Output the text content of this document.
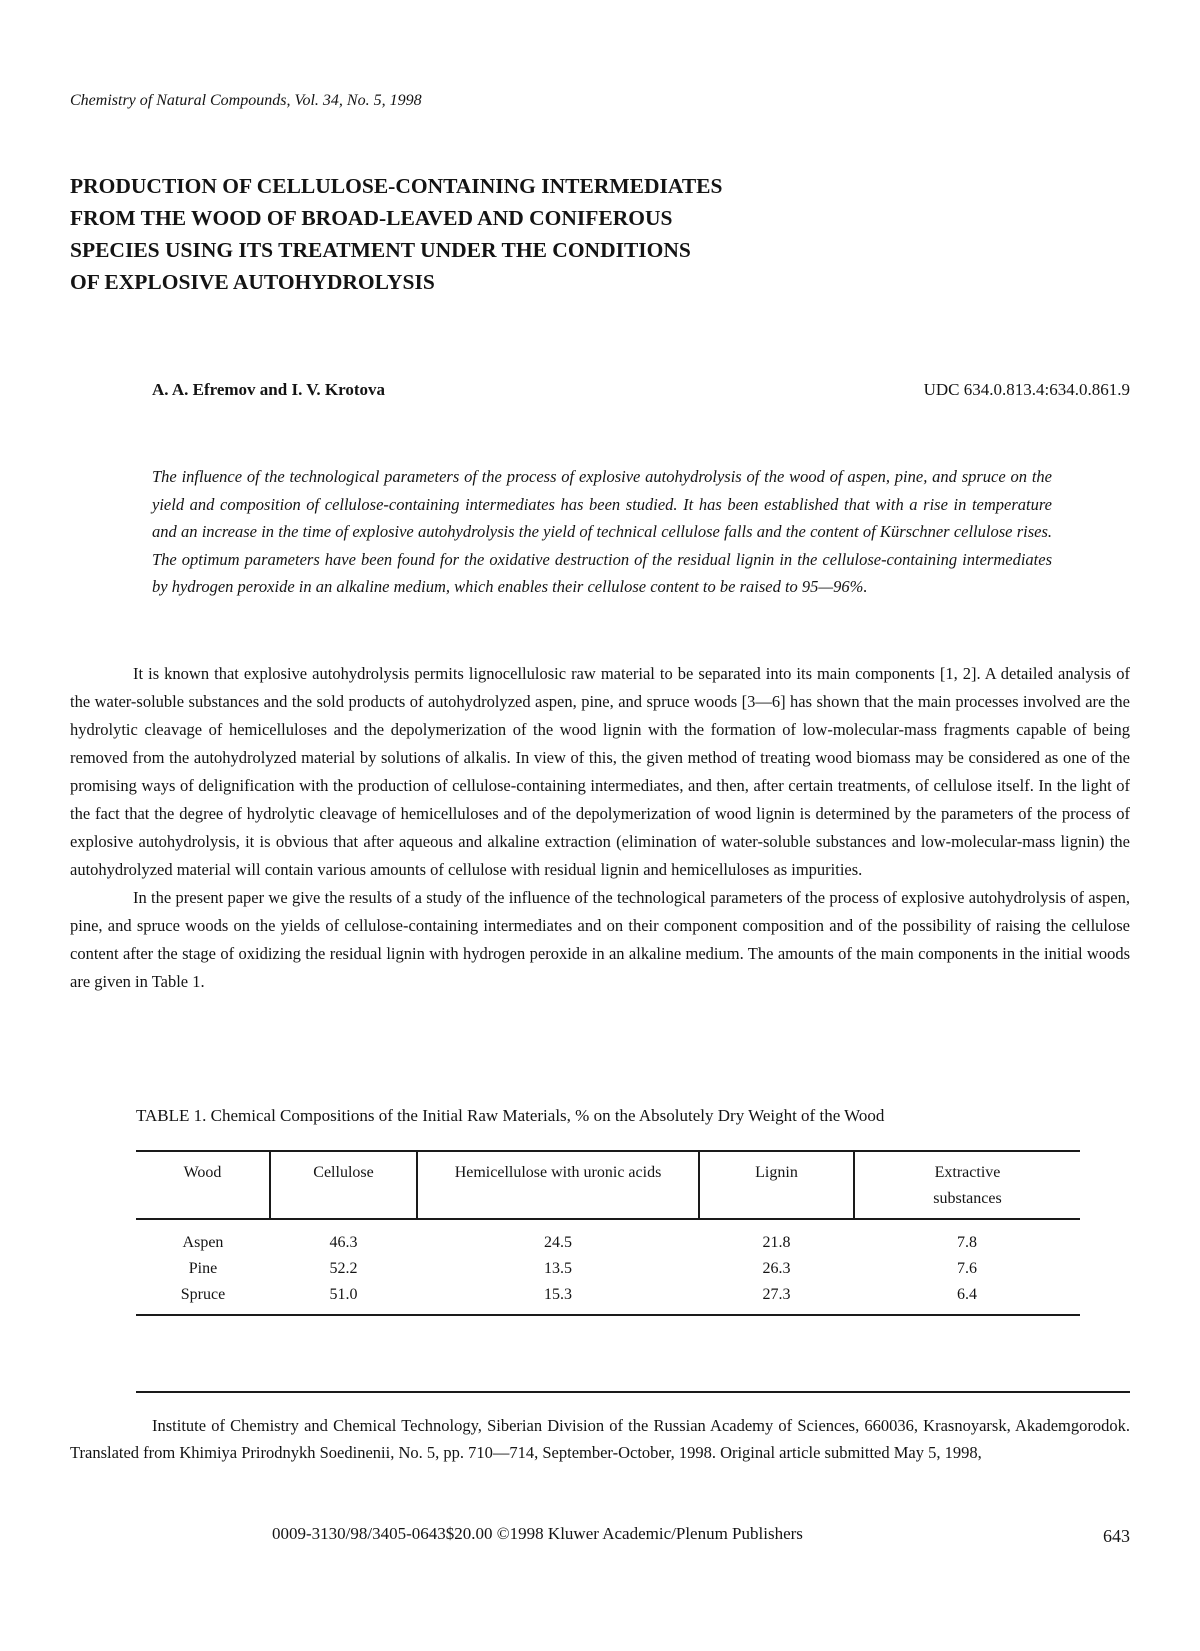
Chemistry of Natural Compounds, Vol. 34, No. 5, 1998
PRODUCTION OF CELLULOSE-CONTAINING INTERMEDIATES
FROM THE WOOD OF BROAD-LEAVED AND CONIFEROUS
SPECIES USING ITS TREATMENT UNDER THE CONDITIONS
OF EXPLOSIVE AUTOHYDROLYSIS
A. A. Efremov and I. V. Krotova	UDC 634.0.813.4:634.0.861.9
The influence of the technological parameters of the process of explosive autohydrolysis of the wood of aspen, pine, and spruce on the yield and composition of cellulose-containing intermediates has been studied. It has been established that with a rise in temperature and an increase in the time of explosive autohydrolysis the yield of technical cellulose falls and the content of Kürschner cellulose rises. The optimum parameters have been found for the oxidative destruction of the residual lignin in the cellulose-containing intermediates by hydrogen peroxide in an alkaline medium, which enables their cellulose content to be raised to 95—96%.

It is known that explosive autohydrolysis permits lignocellulosic raw material to be separated into its main components [1, 2]. A detailed analysis of the water-soluble substances and the sold products of autohydrolyzed aspen, pine, and spruce woods [3—6] has shown that the main processes involved are the hydrolytic cleavage of hemicelluloses and the depolymerization of the wood lignin with the formation of low-molecular-mass fragments capable of being removed from the autohydrolyzed material by solutions of alkalis. In view of this, the given method of treating wood biomass may be considered as one of the promising ways of delignification with the production of cellulose-containing intermediates, and then, after certain treatments, of cellulose itself. In the light of the fact that the degree of hydrolytic cleavage of hemicelluloses and of the depolymerization of wood lignin is determined by the parameters of the process of explosive autohydrolysis, it is obvious that after aqueous and alkaline extraction (elimination of water-soluble substances and low-molecular-mass lignin) the autohydrolyzed material will contain various amounts of cellulose with residual lignin and hemicelluloses as impurities.

In the present paper we give the results of a study of the influence of the technological parameters of the process of explosive autohydrolysis of aspen, pine, and spruce woods on the yields of cellulose-containing intermediates and on their component composition and of the possibility of raising the cellulose content after the stage of oxidizing the residual lignin with hydrogen peroxide in an alkaline medium. The amounts of the main components in the initial woods are given in Table 1.

TABLE 1. Chemical Compositions of the Initial Raw Materials, % on the Absolutely Dry Weight of the Wood
Wood	Cellulose	Hemicellulose with uronic acids	Lignin	Extractive substances
Aspen	46.3	24.5	21.8	7.8
Pine	52.2	13.5	26.3	7.6
Spruce	51.0	15.3	27.3	6.4

Institute of Chemistry and Chemical Technology, Siberian Division of the Russian Academy of Sciences, 660036, Krasnoyarsk, Akademgorodok. Translated from Khimiya Prirodnykh Soedinenii, No. 5, pp. 710—714, September-October, 1998. Original article submitted May 5, 1998,

0009-3130/98/3405-0643$20.00 ©1998 Kluwer Academic/Plenum Publishers	643
